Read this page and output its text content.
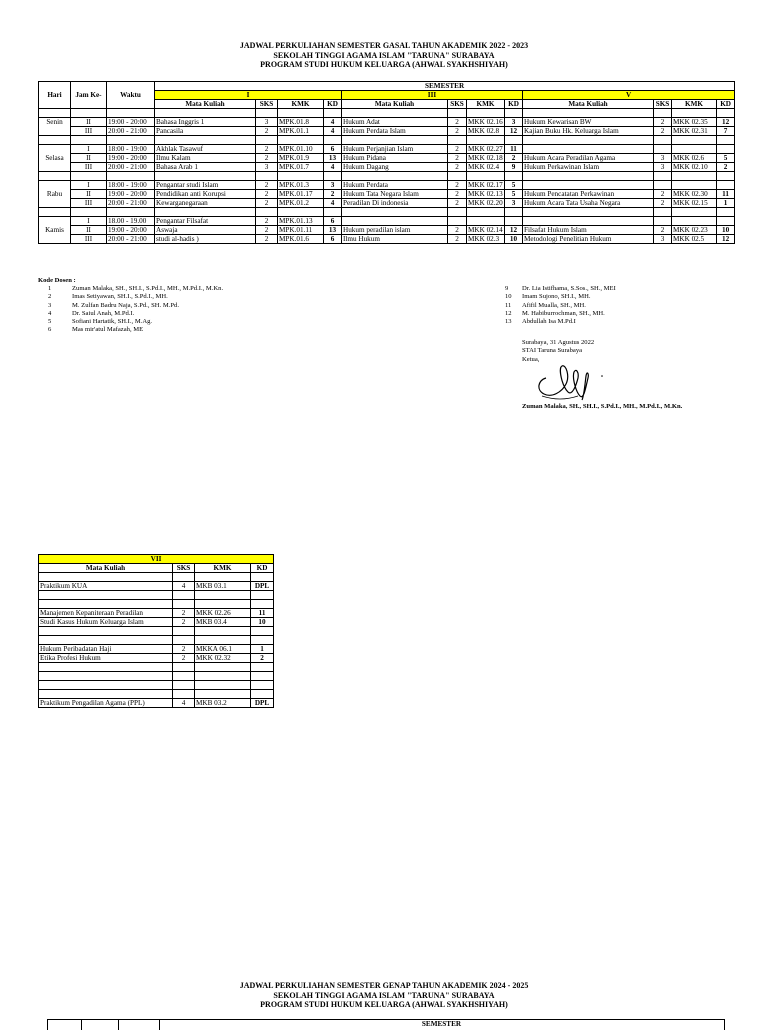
JADWAL PERKULIAHAN SEMESTER GASAL TAHUN AKADEMIK 2022 - 2023
SEKOLAH TINGGI AGAMA ISLAM "TARUNA" SURABAYA
PROGRAM STUDI HUKUM KELUARGA (AHWAL SYAKHSHIYAH)
Hari	Jam Ke-	Waktu	SEMESTER											
			I				III				V			
			Mata Kuliah	SKS	KMK	KD	Mata Kuliah	SKS	KMK	KD	Mata Kuliah	SKS	KMK	KD

Senin	II	19:00 - 20:00	Bahasa Inggris 1	3	MPK.01.8	4	Hukum Adat	2	MKK 02.16	3	Hukum Kewarisan BW	2	MKK 02.35	12
	III	20:00 - 21:00	Pancasila	2	MPK.01.1	4	Hukum Perdata Islam	2	MKK 02.8	12	Kajian Buku Hk. Keluarga Islam	2	MKK 02.31	7

	I	18:00 - 19:00	Akhlak Tasawuf	2	MPK.01.10	6	Hukum Perjanjian Islam	2	MKK 02.27	11				
Selasa	II	19:00 - 20:00	Ilmu Kalam	2	MPK.01.9	13	Hukum Pidana	2	MKK 02.18	2	Hukum Acara Peradilan Agama	3	MKK 02.6	5
	III	20:00 - 21:00	Bahasa Arab 1	3	MPK.01.7	4	Hukum Dagang	2	MKK 02.4	9	Hukum Perkawinan Islam	3	MKK 02.10	2

	I	18:00 - 19:00	Pengantar studi Islam	2	MPK.01.3	3	Hukum Perdata	2	MKK 02.17	5				
Rabu	II	19:00 - 20:00	Pendidikan anti Korupsi	2	MPK.01.17	2	Hukum Tata Negara Islam	2	MKK 02.13	5	Hukum Pencatatan Perkawinan	2	MKK 02.30	11
	III	20:00 - 21:00	Kewarganegaraan	2	MPK.01.2	4	Peradilan Di indonesia	2	MKK 02.20	3	Hukum Acara Tata Usaha Negara	2	MKK 02.15	1

	I	18.00 - 19.00	Pengantar Filsafat	2	MPK.01.13	6								
Kamis	II	19:00 - 20:00	Aswaja	2	MPK.01.11	13	Hukum peradilan islam	2	MKK 02.14	12	Filsafat Hukum Islam	2	MKK 02.23	10
	III	20:00 - 21:00	studi al-hadis )	2	MPK.01.6	6	Ilmu Hukum	2	MKK 02.3	10	Metodologi Penelitian Hukum	3	MKK 02.5	12
Kode Dosen :
1	Zuman Malaka, SH., SH.I., S.Pd.I., MH., M.Pd.I., M.Kn.
2	Imas Setiyawan, SH.I., S.Pd.I., MH.
3	M. Zulfan Badru Naja, S.Pd., SH. M.Pd.
4	Dr. Saiul Anah, M.Pd.I.
5	Sofiani Hartatik, SH.I., M.Ag.
6	Mas mir'atul Mafazah, ME
9	Dr. Lia Istifhama, S.Sos., SH., MEI
10	Imam Sujono, SH.I., MH.
11	Afifil Mualla, SH., MH.
12	M. Habiburrochman, SH., MH.
13	Abdullah Isa M.Pd.I
Surabaya, 31 Agustus 2022
STAI Taruna Surabaya
Ketua,
Zuman Malaka, SH., SH.I., S.Pd.I., MH., M.Pd.I., M.Kn.
VII			
Mata Kuliah	SKS	KMK	KD

Praktikum KUA	4	MKB 03.1	DPL

Manajemen Kepaniteraan Peradilan	2	MKK 02.26	11
Studi Kasus Hukum Keluarga Islam	2	MKB 03.4	10

Hukum Peribadatan Haji	2	MKKA 06.1	1
Etika Profesi Hukum	2	MKK 02.32	2

Praktikum Pengadilan Agama (PPL)	4	MKB 03.2	DPL
JADWAL PERKULIAHAN SEMESTER GENAP TAHUN AKADEMIK 2024 - 2025
SEKOLAH TINGGI AGAMA ISLAM "TARUNA" SURABAYA
PROGRAM STUDI HUKUM KELUARGA (AHWAL SYAKHSHIYAH)
SEMESTER
